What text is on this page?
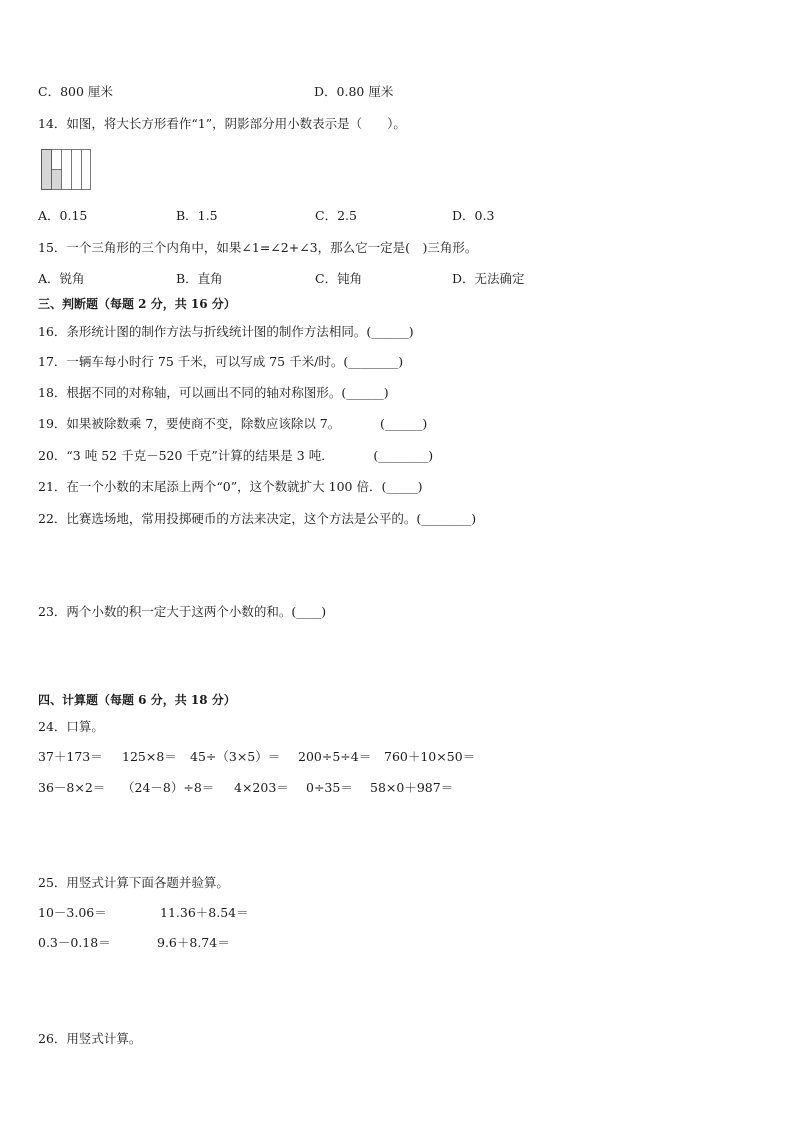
C．800 厘米	D．0.80 厘米
14．如图，将大长方形看作“1”，阴影部分用小数表示是（　　）。
A．0.15	B．1.5	C．2.5	D．0.3
15．一个三角形的三个内角中，如果∠1=∠2+∠3，那么它一定是(　)三角形。
A．锐角	B．直角	C．钝角	D．无法确定
三、判断题（每题 2 分，共 16 分）
16．条形统计图的制作方法与折线统计图的制作方法相同。(______)
17．一辆车每小时行 75 千米，可以写成 75 千米/时。(________)
18．根据不同的对称轴，可以画出不同的轴对称图形。(______)
19．如果被除数乘 7，要使商不变，除数应该除以 7。          (______)
20．“3 吨 52 千克－520 千克”计算的结果是 3 吨．          (________)
21．在一个小数的末尾添上两个“0”，这个数就扩大 100 倍．(_____)
22．比赛选场地，常用投掷硬币的方法来决定，这个方法是公平的。(________)
23．两个小数的积一定大于这两个小数的和。(____)
四、计算题（每题 6 分，共 18 分）
24．口算。
37＋173＝ 125×8＝ 45÷（3×5）＝ 200÷5÷4＝ 760＋10×50＝
36－8×2＝ （24－8）÷8＝ 4×203＝ 0÷35＝ 58×0＋987＝
25．用竖式计算下面各题并验算。
10－3.06＝	11.36＋8.54＝
0.3－0.18＝	9.6＋8.74＝
26．用竖式计算。
